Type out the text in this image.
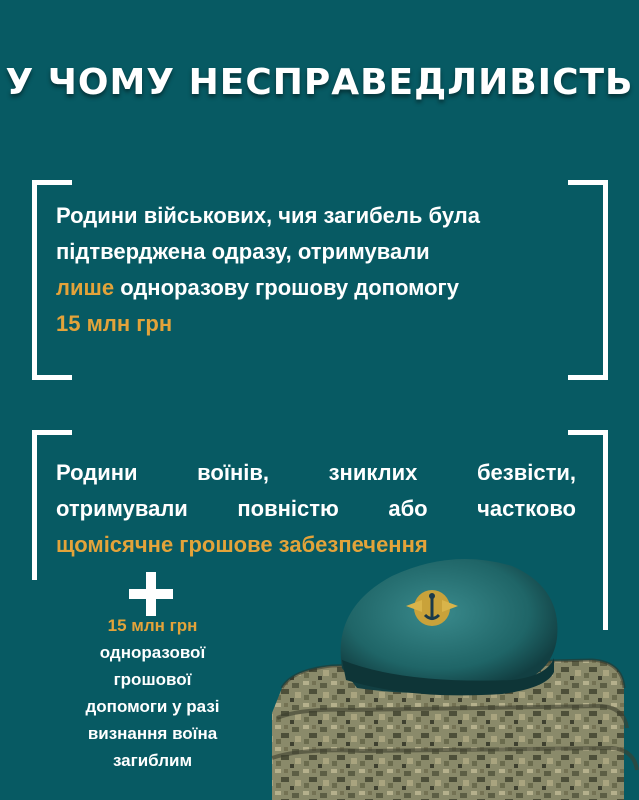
У ЧОМУ НЕСПРАВЕДЛИВІСТЬ
Родини військових, чия загибель була
підтверджена одразу, отримували
лише одноразову грошову допомогу
15 млн грн
Родини воїнів, зниклих безвісти,
отримували повністю або частково
щомісячне грошове забезпечення
15 млн грн
одноразової
грошової
допомоги у разі
визнання воїна
загиблим
